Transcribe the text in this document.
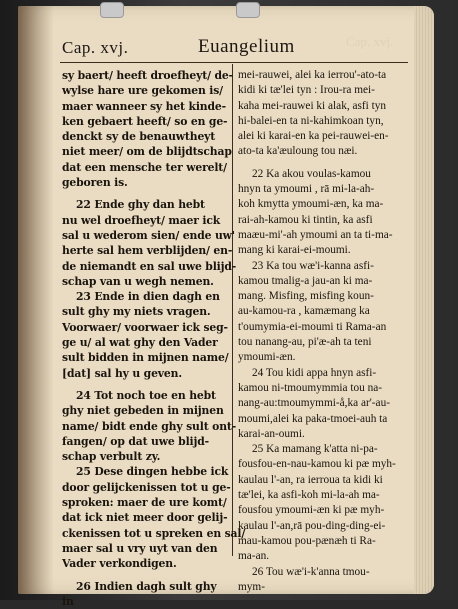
Cap. xvj.
Cap. xvj.	Euangelium
sy baert/ heeft droefheyt/ de-
wylse hare ure gekomen is/
maer wanneer sy het kinde-
ken gebaert heeft/ so en ge-
denckt sy de benauwtheyt
niet meer/ om de blijdtschap
dat een mensche ter werelt/
geboren is.
22 Ende ghy dan hebt
nu wel droefheyt/ maer ick
sal u wederom sien/ ende uw'
herte sal hem verblijden/ en-
de niemandt en sal uwe blijd-
schap van u wegh nemen.
23 Ende in dien dagh en
sult ghy my niets vragen.
Voorwaer/ voorwaer ick seg-
ge u/ al wat ghy den Vader
sult bidden in mijnen name/
[dat] sal hy u geven.
24 Tot noch toe en hebt
ghy niet gebeden in mijnen
name/ bidt ende ghy sult ont-
fangen/ op dat uwe blijd-
schap verbult zy.
25 Dese dingen hebbe ick
door gelijckenissen tot u ge-
sproken: maer de ure komt/
dat ick niet meer door gelij-
ckenissen tot u spreken en sal/
maer sal u vry uyt van den
Vader verkondigen.
26 Indien dagh sult ghy
in
mei-rauwei, alei ka ierrou'-ato-ta
kidi ki tæ'lei tyn : Irou-ra mei-
kaha mei-rauwei ki alak, asfi tyn
hi-balei-en ta ni-kahimkoan tyn,
alei ki karai-en ka pei-rauwei-en-
ato-ta ka'æuloung tou næi.
22 Ka akou voulas-kamou
hnyn ta ymoumi , rā mi-la-ah-
koh kmytta ymoumi-æn, ka ma-
rai-ah-kamou ki tintin, ka asfi
maæu-mi'-ah ymoumi an ta ti-ma-
mang ki karai-ei-moumi.
23 Ka tou wæ'i-kanna asfi-
kamou tmalig-a jau-an ki ma-
mang. Misfing, misfing koun-
au-kamou-ra , kamæmang ka
t'oumymia-ei-moumi ti Rama-an
tou nanang-au, pi'æ-ah ta teni
ymoumi-æn.
24 Tou kidi appa hnyn asfi-
kamou ni-tmoumymmia tou na-
nang-au:tmoumymmi-å,ka ar'-au-
moumi,alei ka paka-tmoei-auh ta
karai-an-oumi.
25 Ka mamang k'atta ni-pa-
fousfou-en-nau-kamou ki pæ myh-
kaulau l'-an, ra ierroua ta kidi ki
tæ'lei, ka asfi-koh mi-la-ah ma-
fousfou ymoumi-æn ki pæ myh-
kaulau l'-an,rā pou-ding-ding-ei-
mau-kamou pou-pænæh ti Ra-
ma-an.
26 Tou wæ'i-k'anna tmou-
mym-
